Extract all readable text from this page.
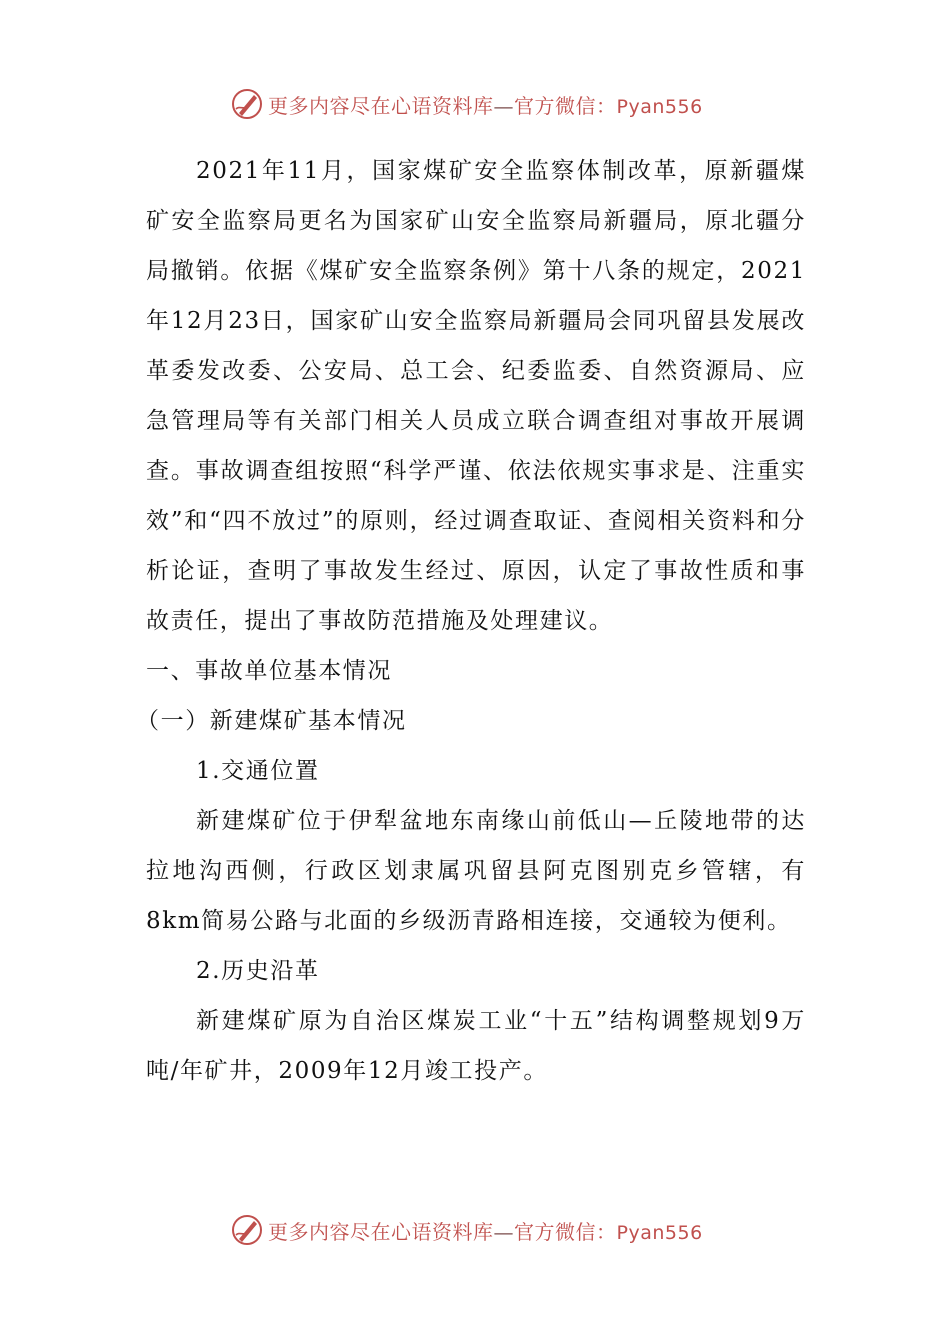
更多内容尽在心语资料库—官方微信：Pyan556

2021年11月，国家煤矿安全监察体制改革，原新疆煤矿安全监察局更名为国家矿山安全监察局新疆局，原北疆分局撤销。依据《煤矿安全监察条例》第十八条的规定，2021年12月23日，国家矿山安全监察局新疆局会同巩留县发展改革委发改委、公安局、总工会、纪委监委、自然资源局、应急管理局等有关部门相关人员成立联合调查组对事故开展调查。事故调查组按照“科学严谨、依法依规实事求是、注重实效”和“四不放过”的原则，经过调查取证、查阅相关资料和分析论证，查明了事故发生经过、原因，认定了事故性质和事故责任，提出了事故防范措施及处理建议。

一、事故单位基本情况

（一）新建煤矿基本情况

1.交通位置

新建煤矿位于伊犁盆地东南缘山前低山—丘陵地带的达拉地沟西侧，行政区划隶属巩留县阿克图别克乡管辖，有8km简易公路与北面的乡级沥青路相连接，交通较为便利。

2.历史沿革

新建煤矿原为自治区煤炭工业“十五”结构调整规划9万吨/年矿井，2009年12月竣工投产。

更多内容尽在心语资料库—官方微信：Pyan556
